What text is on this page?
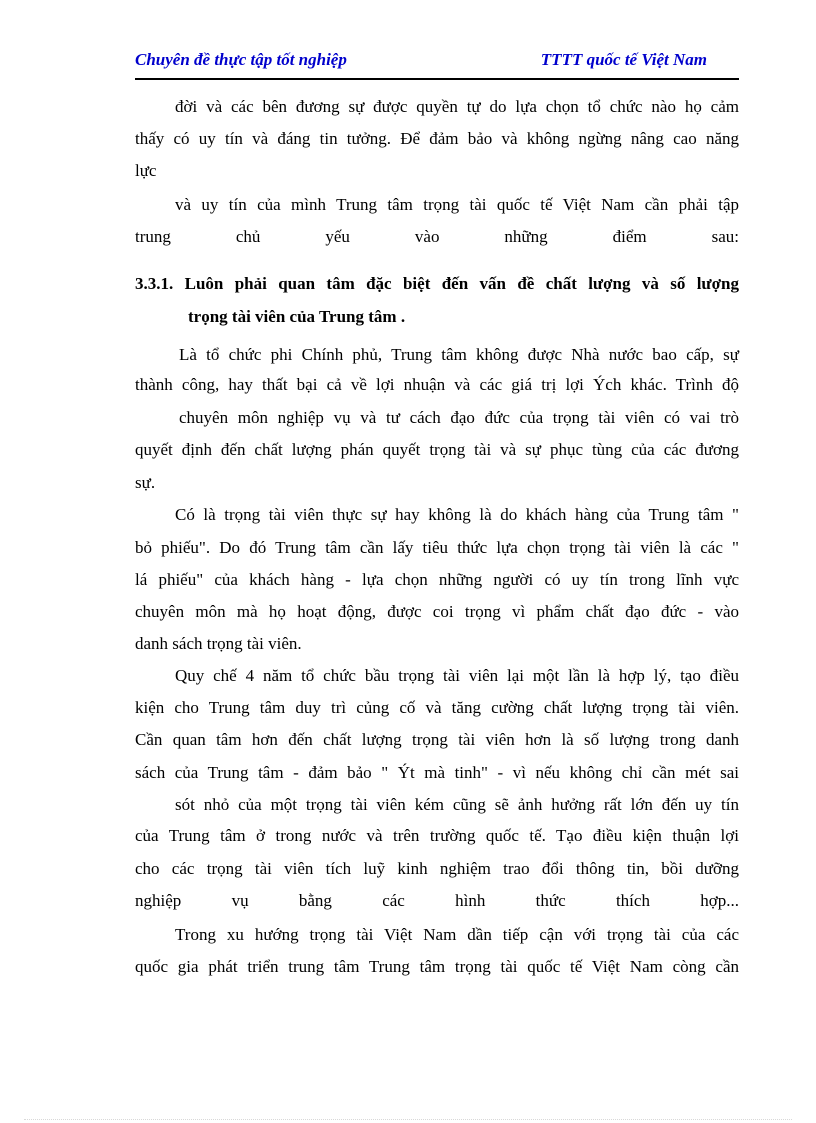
Chuyên đề thực tập tốt nghiệp	TTTT quốc tế Việt Nam
đời và các bên đương sự được quyền tự do lựa chọn tổ chức nào họ cảm
thấy có uy tín và đáng tin tưởng. Để đảm bảo và không ngừng nâng cao năng
lực
và uy tín của mình Trung tâm trọng tài quốc tế Việt Nam cần phải tập
trung chủ yếu vào những điểm sau:
3.3.1. Luôn phải quan tâm đặc biệt đến vấn đề chất lượng và số lượng
trọng tài viên của Trung tâm .
Là tổ chức phi Chính phủ, Trung tâm không được Nhà nước bao cấp, sự
thành công, hay thất bại cả về lợi nhuận và các giá trị lợi Ých khác. Trình độ
chuyên môn nghiệp vụ và tư cách đạo đức của trọng tài viên có vai trò
quyết định đến chất lượng phán quyết trọng tài và sự phục tùng của các đương
sự.
Có là trọng tài viên thực sự hay không là do khách hàng của Trung tâm "
bỏ phiếu". Do đó Trung tâm cần lấy tiêu thức lựa chọn trọng tài viên là các "
lá phiếu" của khách hàng - lựa chọn những người có uy tín trong lĩnh vực
chuyên môn mà họ hoạt động, được coi trọng vì phẩm chất đạo đức - vào
danh sách trọng tài viên.
Quy chế 4 năm tổ chức bầu trọng tài viên lại một lần là hợp lý, tạo điều
kiện cho Trung tâm duy trì củng cố và tăng cường chất lượng trọng tài viên.
Cần quan tâm hơn đến chất lượng trọng tài viên hơn là số lượng trong danh
sách của Trung tâm - đảm bảo " Ýt mà tinh" - vì nếu không chỉ cần mét sai
sót nhỏ của một trọng tài viên kém cũng sẽ ảnh hưởng rất lớn đến uy tín
của Trung tâm ở trong nước và trên trường quốc tế. Tạo điều kiện thuận lợi
cho các trọng tài viên tích luỹ kinh nghiệm trao đổi thông tin, bồi dưỡng
nghiệp vụ bằng các hình thức thích hợp...
Trong xu hướng trọng tài Việt Nam dần tiếp cận với trọng tài của các
quốc gia phát triển trung tâm Trung tâm trọng tài quốc tế Việt Nam còng cần
